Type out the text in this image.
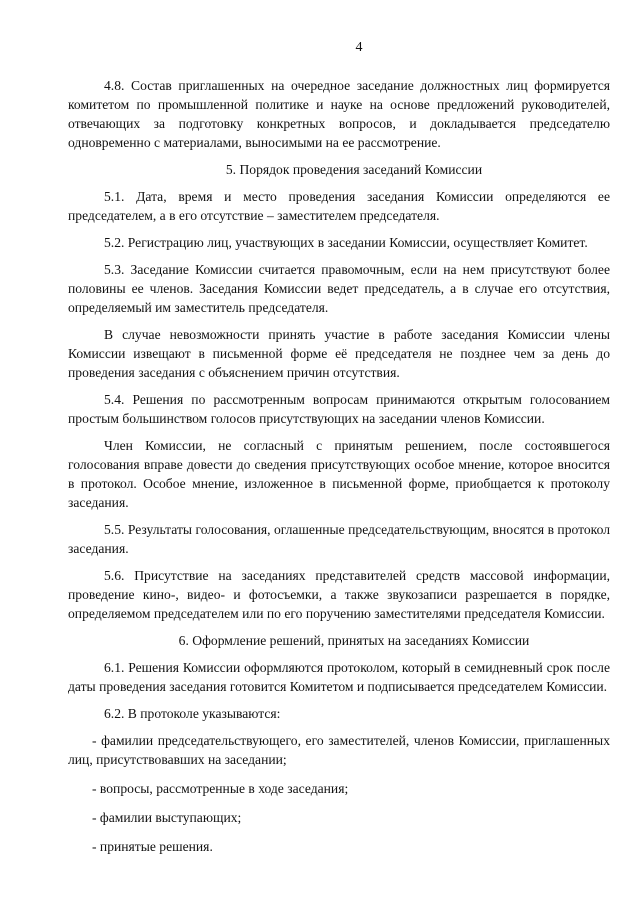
4

4.8. Состав приглашенных на очередное заседание должностных лиц формируется комитетом по промышленной политике и науке на основе предложений руководителей, отвечающих за подготовку конкретных вопросов, и докладывается председателю одновременно с материалами, выносимыми на ее рассмотрение.

5. Порядок проведения заседаний Комиссии

5.1. Дата, время и место проведения заседания Комиссии определяются ее председателем, а в его отсутствие – заместителем председателя.

5.2. Регистрацию лиц, участвующих в заседании Комиссии, осуществляет Комитет.

5.3. Заседание Комиссии считается правомочным, если на нем присутствуют более половины ее членов. Заседания Комиссии ведет председатель, а в случае его отсутствия, определяемый им заместитель председателя.

В случае невозможности принять участие в работе заседания Комиссии члены Комиссии извещают в письменной форме её председателя не позднее чем за день до проведения заседания с объяснением причин отсутствия.

5.4. Решения по рассмотренным вопросам принимаются открытым голосованием простым большинством голосов присутствующих на заседании членов Комиссии.

Член Комиссии, не согласный с принятым решением, после состоявшегося голосования вправе довести до сведения присутствующих особое мнение, которое вносится в протокол. Особое мнение, изложенное в письменной форме, приобщается к протоколу заседания.

5.5. Результаты голосования, оглашенные председательствующим, вносятся в протокол заседания.

5.6. Присутствие на заседаниях представителей средств массовой информации, проведение кино-, видео- и фотосъемки, а также звукозаписи разрешается в порядке, определяемом председателем или по его поручению заместителями председателя Комиссии.

6. Оформление решений, принятых на заседаниях Комиссии

6.1. Решения Комиссии оформляются протоколом, который в семидневный срок после даты проведения заседания готовится Комитетом и подписывается председателем Комиссии.

6.2. В протоколе указываются:

- фамилии председательствующего, его заместителей, членов Комиссии, приглашенных лиц, присутствовавших на заседании;

- вопросы, рассмотренные в ходе заседания;

- фамилии выступающих;

- принятые решения.
